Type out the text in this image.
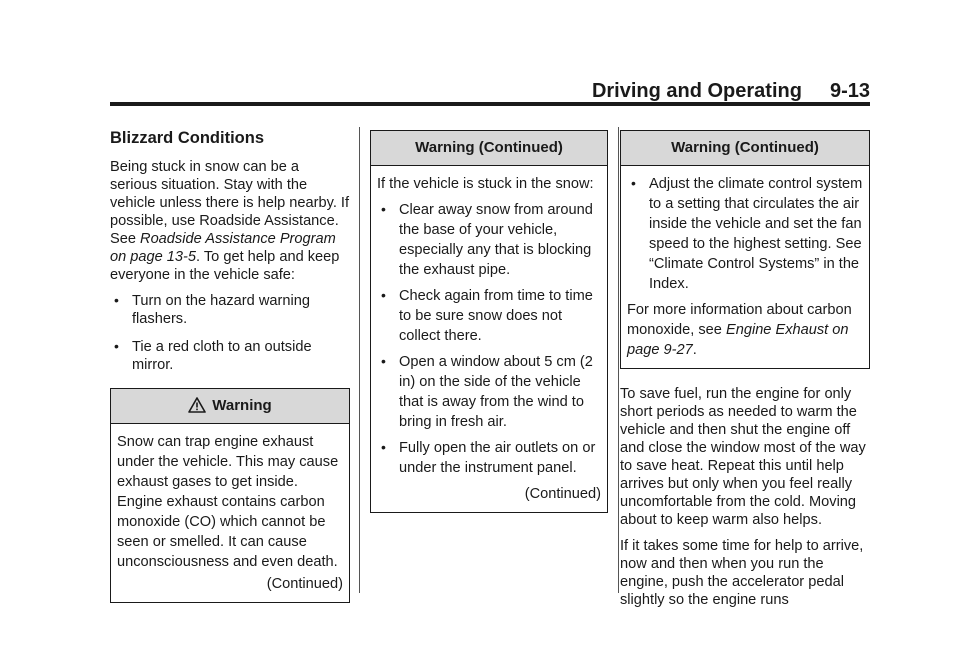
Driving and Operating 9-13
Blizzard Conditions

Being stuck in snow can be a serious situation. Stay with the vehicle unless there is help nearby. If possible, use Roadside Assistance. See Roadside Assistance Program on page 13-5. To get help and keep everyone in the vehicle safe:

• Turn on the hazard warning flashers.
• Tie a red cloth to an outside mirror.
Warning
Snow can trap engine exhaust under the vehicle. This may cause exhaust gases to get inside. Engine exhaust contains carbon monoxide (CO) which cannot be seen or smelled. It can cause unconsciousness and even death.
(Continued)
Warning (Continued)

If the vehicle is stuck in the snow:

• Clear away snow from around the base of your vehicle, especially any that is blocking the exhaust pipe.
• Check again from time to time to be sure snow does not collect there.
• Open a window about 5 cm (2 in) on the side of the vehicle that is away from the wind to bring in fresh air.
• Fully open the air outlets on or under the instrument panel.
(Continued)
Warning (Continued)
• Adjust the climate control system to a setting that circulates the air inside the vehicle and set the fan speed to the highest setting. See “Climate Control Systems” in the Index.

For more information about carbon monoxide, see Engine Exhaust on page 9-27.

To save fuel, run the engine for only short periods as needed to warm the vehicle and then shut the engine off and close the window most of the way to save heat. Repeat this until help arrives but only when you feel really uncomfortable from the cold. Moving about to keep warm also helps.

If it takes some time for help to arrive, now and then when you run the engine, push the accelerator pedal slightly so the engine runs
